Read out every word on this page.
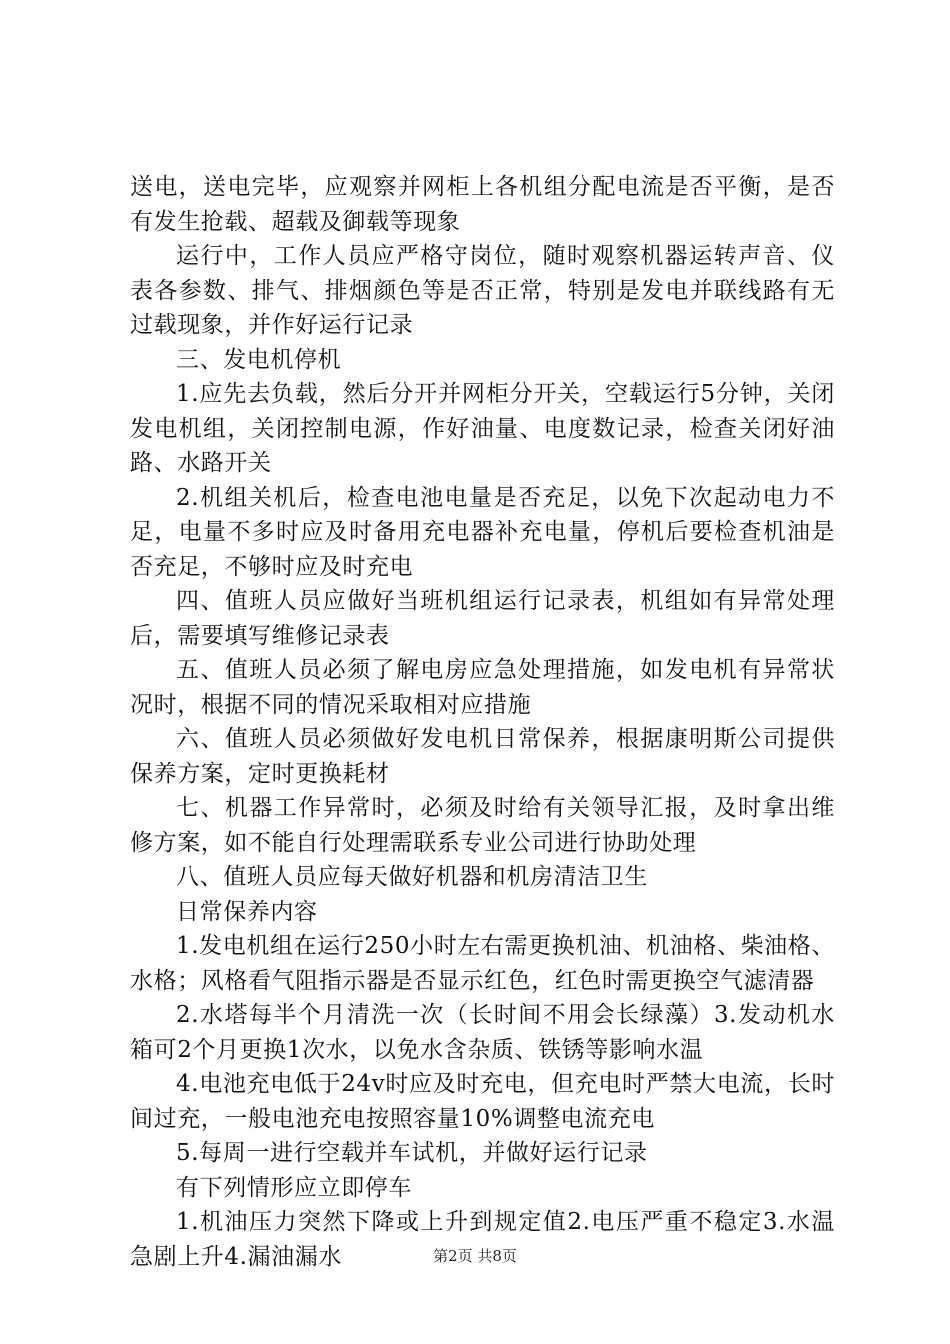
送电，送电完毕，应观察并网柜上各机组分配电流是否平衡，是否有发生抢载、超载及御载等现象

运行中，工作人员应严格守岗位，随时观察机器运转声音、仪表各参数、排气、排烟颜色等是否正常，特别是发电并联线路有无过载现象，并作好运行记录

三、发电机停机

1.应先去负载，然后分开并网柜分开关，空载运行5分钟，关闭发电机组，关闭控制电源，作好油量、电度数记录，检查关闭好油路、水路开关

2.机组关机后，检查电池电量是否充足，以免下次起动电力不足，电量不多时应及时备用充电器补充电量，停机后要检查机油是否充足，不够时应及时充电

四、值班人员应做好当班机组运行记录表，机组如有异常处理后，需要填写维修记录表

五、值班人员必须了解电房应急处理措施，如发电机有异常状况时，根据不同的情况采取相对应措施

六、值班人员必须做好发电机日常保养，根据康明斯公司提供保养方案，定时更换耗材

七、机器工作异常时，必须及时给有关领导汇报，及时拿出维修方案，如不能自行处理需联系专业公司进行协助处理

八、值班人员应每天做好机器和机房清洁卫生

日常保养内容

1.发电机组在运行250小时左右需更换机油、机油格、柴油格、水格；风格看气阻指示器是否显示红色，红色时需更换空气滤清器

2.水塔每半个月清洗一次（长时间不用会长绿藻）3.发动机水箱可2个月更换1次水，以免水含杂质、铁锈等影响水温

4.电池充电低于24v时应及时充电，但充电时严禁大电流，长时间过充，一般电池充电按照容量10%调整电流充电

5.每周一进行空载并车试机，并做好运行记录

有下列情形应立即停车

1.机油压力突然下降或上升到规定值2.电压严重不稳定3.水温急剧上升4.漏油漏水	第2页 共8页
